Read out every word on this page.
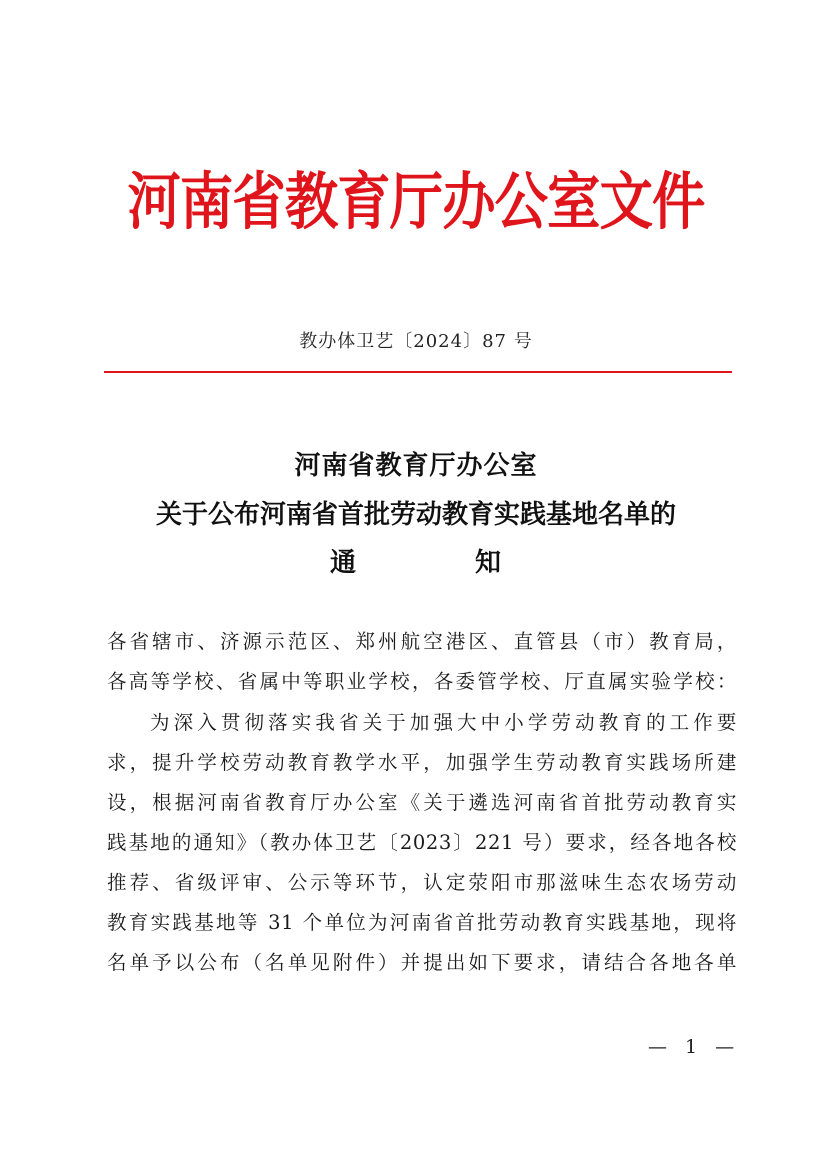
河南省教育厅办公室文件
教办体卫艺〔2024〕87 号
河南省教育厅办公室
关于公布河南省首批劳动教育实践基地名单的
通	知
各省辖市、济源示范区、郑州航空港区、直管县（市）教育局，
各高等学校、省属中等职业学校，各委管学校、厅直属实验学校：
为深入贯彻落实我省关于加强大中小学劳动教育的工作要
求，提升学校劳动教育教学水平，加强学生劳动教育实践场所建
设，根据河南省教育厅办公室《关于遴选河南省首批劳动教育实
践基地的通知》（教办体卫艺〔2023〕221 号）要求，经各地各校
推荐、省级评审、公示等环节，认定荥阳市那滋味生态农场劳动
教育实践基地等 31 个单位为河南省首批劳动教育实践基地，现将
名单予以公布（名单见附件）并提出如下要求，请结合各地各单
— 1 —
